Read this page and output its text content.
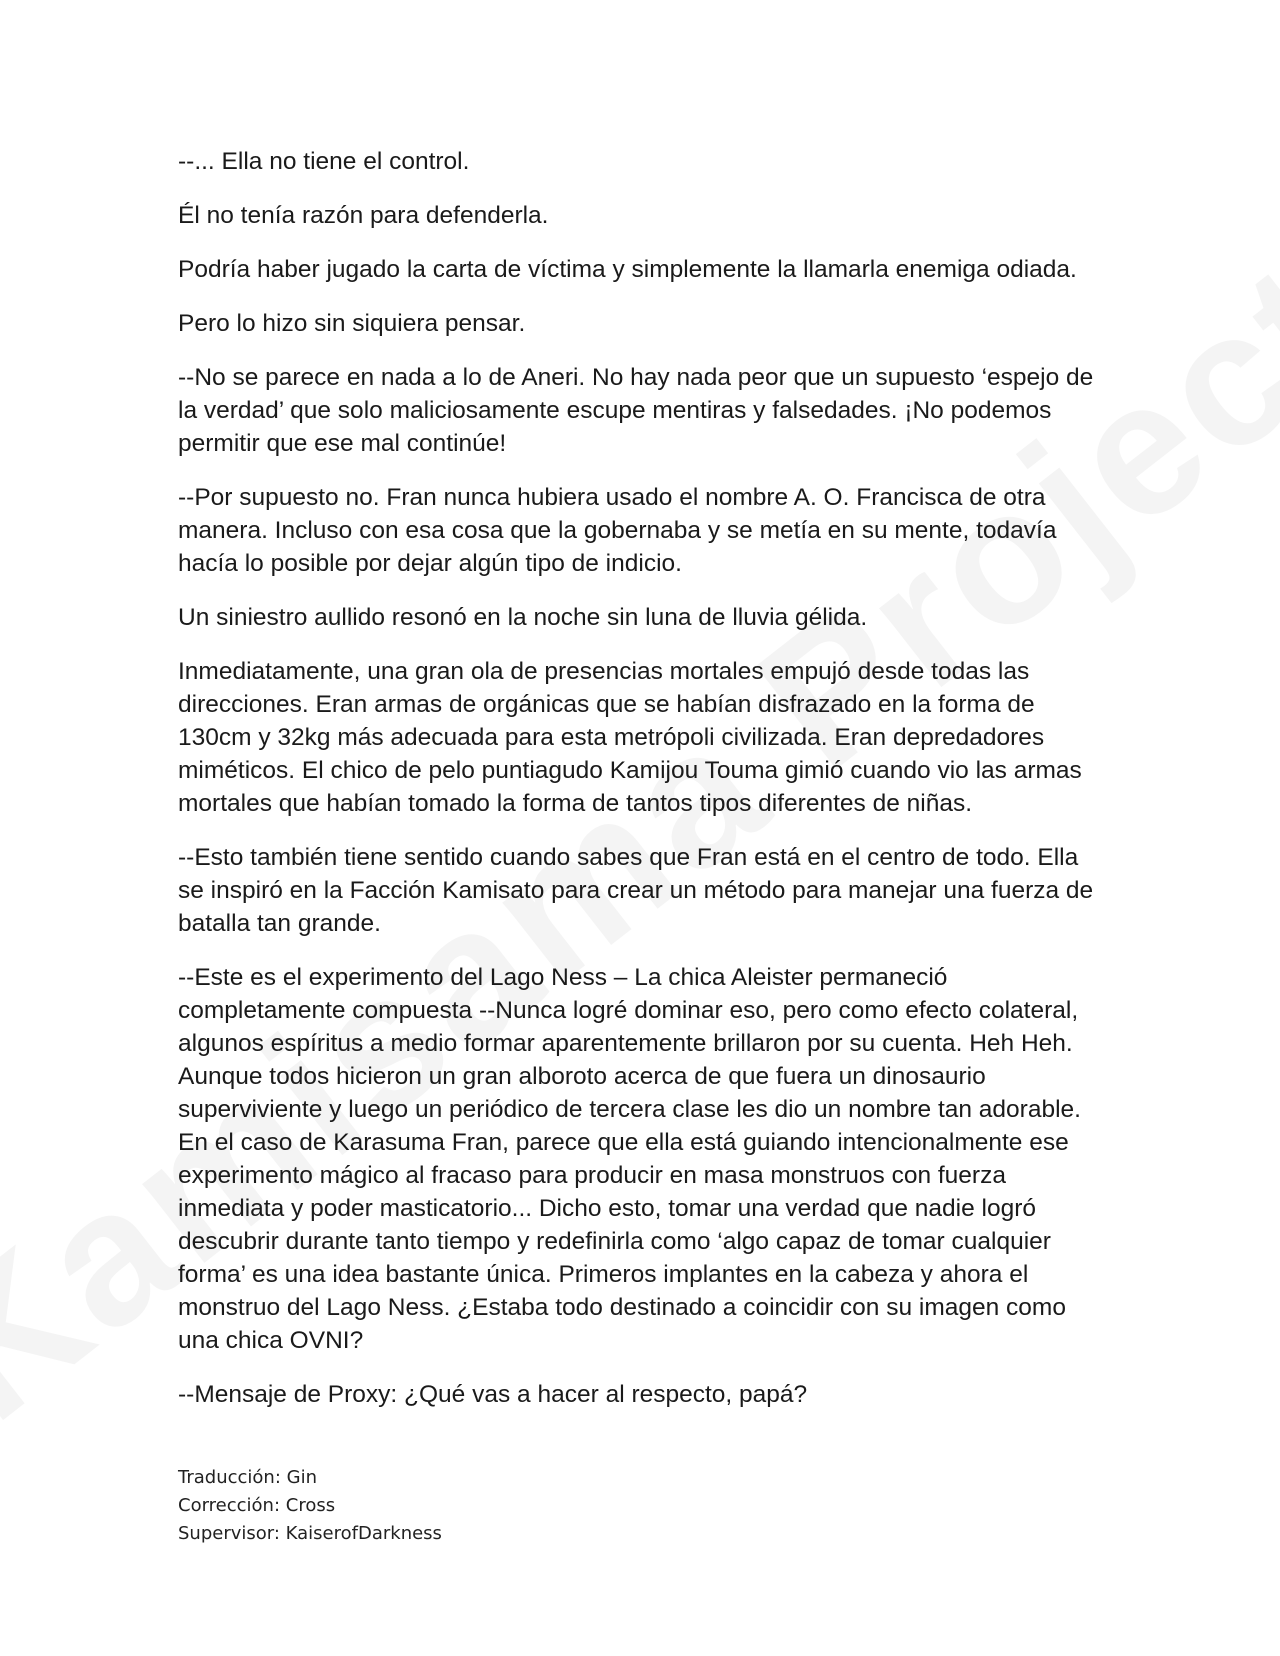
--... Ella no tiene el control.

Él no tenía razón para defenderla.

Podría haber jugado la carta de víctima y simplemente la llamarla enemiga odiada.

Pero lo hizo sin siquiera pensar.

--No se parece en nada a lo de Aneri. No hay nada peor que un supuesto ‘espejo de la verdad’ que solo maliciosamente escupe mentiras y falsedades. ¡No podemos permitir que ese mal continúe!

--Por supuesto no. Fran nunca hubiera usado el nombre A. O. Francisca de otra manera. Incluso con esa cosa que la gobernaba y se metía en su mente, todavía hacía lo posible por dejar algún tipo de indicio.

Un siniestro aullido resonó en la noche sin luna de lluvia gélida.

Inmediatamente, una gran ola de presencias mortales empujó desde todas las direcciones. Eran armas de orgánicas que se habían disfrazado en la forma de 130cm y 32kg más adecuada para esta metrópoli civilizada. Eran depredadores miméticos. El chico de pelo puntiagudo Kamijou Touma gimió cuando vio las armas mortales que habían tomado la forma de tantos tipos diferentes de niñas.

--Esto también tiene sentido cuando sabes que Fran está en el centro de todo. Ella se inspiró en la Facción Kamisato para crear un método para manejar una fuerza de batalla tan grande.

--Este es el experimento del Lago Ness – La chica Aleister permaneció completamente compuesta --Nunca logré dominar eso, pero como efecto colateral, algunos espíritus a medio formar aparentemente brillaron por su cuenta. Heh Heh. Aunque todos hicieron un gran alboroto acerca de que fuera un dinosaurio superviviente y luego un periódico de tercera clase les dio un nombre tan adorable. En el caso de Karasuma Fran, parece que ella está guiando intencionalmente ese experimento mágico al fracaso para producir en masa monstruos con fuerza inmediata y poder masticatorio... Dicho esto, tomar una verdad que nadie logró descubrir durante tanto tiempo y redefinirla como ‘algo capaz de tomar cualquier forma’ es una idea bastante única. Primeros implantes en la cabeza y ahora el monstruo del Lago Ness. ¿Estaba todo destinado a coincidir con su imagen como una chica OVNI?

--Mensaje de Proxy: ¿Qué vas a hacer al respecto, papá?

Traducción: Gin
Corrección: Cross
Supervisor: KaiserofDarkness
